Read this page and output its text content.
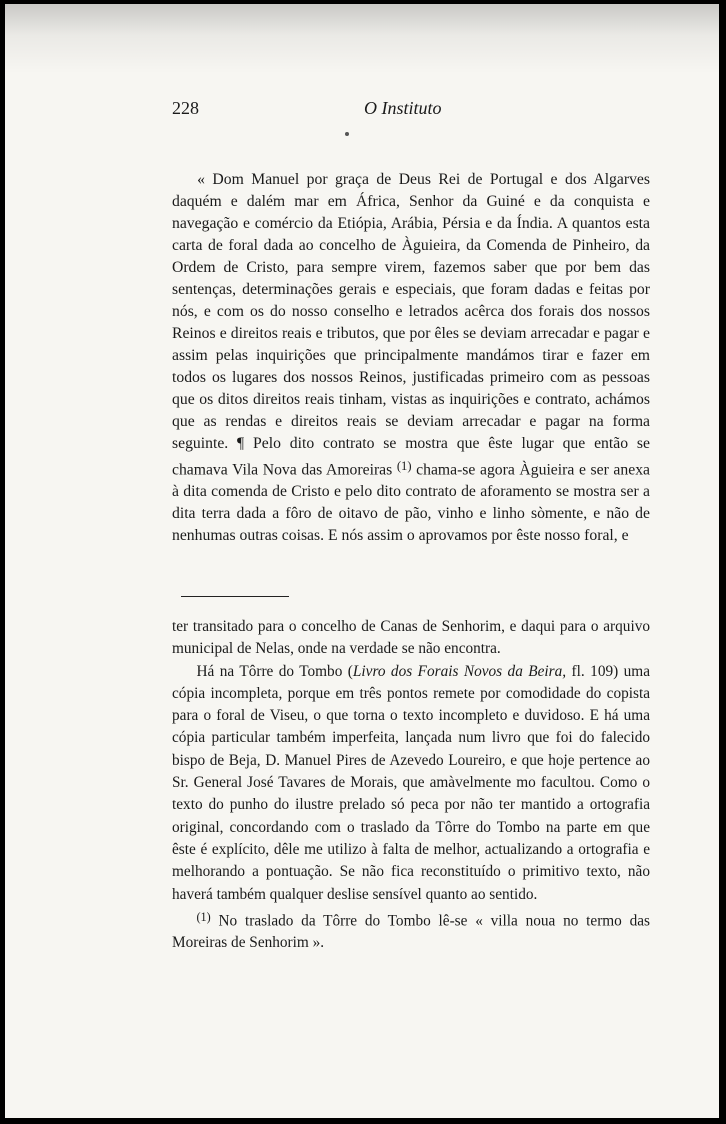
228	O Instituto

« Dom Manuel por graça de Deus Rei de Portugal e dos Algarves daquém e dalém mar em África, Senhor da Guiné e da conquista e navegação e comércio da Etiópia, Arábia, Pérsia e da Índia. A quantos esta carta de foral dada ao concelho de Àguieira, da Comenda de Pinheiro, da Ordem de Cristo, para sempre virem, fazemos saber que por bem das sentenças, determinações gerais e especiais, que foram dadas e feitas por nós, e com os do nosso conselho e letrados acêrca dos forais dos nossos Reinos e direitos reais e tributos, que por êles se deviam arrecadar e pagar e assim pelas inquirições que principalmente mandámos tirar e fazer em todos os lugares dos nossos Reinos, justificadas primeiro com as pessoas que os ditos direitos reais tinham, vistas as inquirições e contrato, achámos que as rendas e direitos reais se deviam arrecadar e pagar na forma seguinte. ¶ Pelo dito contrato se mostra que êste lugar que então se chamava Vila Nova das Amoreiras $^{(1)}$ chama-se agora Àguieira e ser anexa à dita comenda de Cristo e pelo dito contrato de aforamento se mostra ser a dita terra dada a fôro de oitavo de pão, vinho e linho sòmente, e não de nenhumas outras coisas. E nós assim o aprovamos por êste nosso foral, e

ter transitado para o concelho de Canas de Senhorim, e daqui para o arquivo municipal de Nelas, onde na verdade se não encontra.

Há na Tôrre do Tombo (Livro dos Forais Novos da Beira, fl. 109) uma cópia incompleta, porque em três pontos remete por comodidade do copista para o foral de Viseu, o que torna o texto incompleto e duvidoso. E há uma cópia particular também imperfeita, lançada num livro que foi do falecido bispo de Beja, D. Manuel Pires de Azevedo Loureiro, e que hoje pertence ao Sr. General José Tavares de Morais, que amàvelmente mo facultou. Como o texto do punho do ilustre prelado só peca por não ter mantido a ortografia original, concordando com o traslado da Tôrre do Tombo na parte em que êste é explícito, dêle me utilizo à falta de melhor, actualizando a ortografia e melhorando a pontuação. Se não fica reconstituído o primitivo texto, não haverá também qualquer deslise sensível quanto ao sentido.

$^{(1)}$ No traslado da Tôrre do Tombo lê-se « villa noua no termo das Moreiras de Senhorim ».
